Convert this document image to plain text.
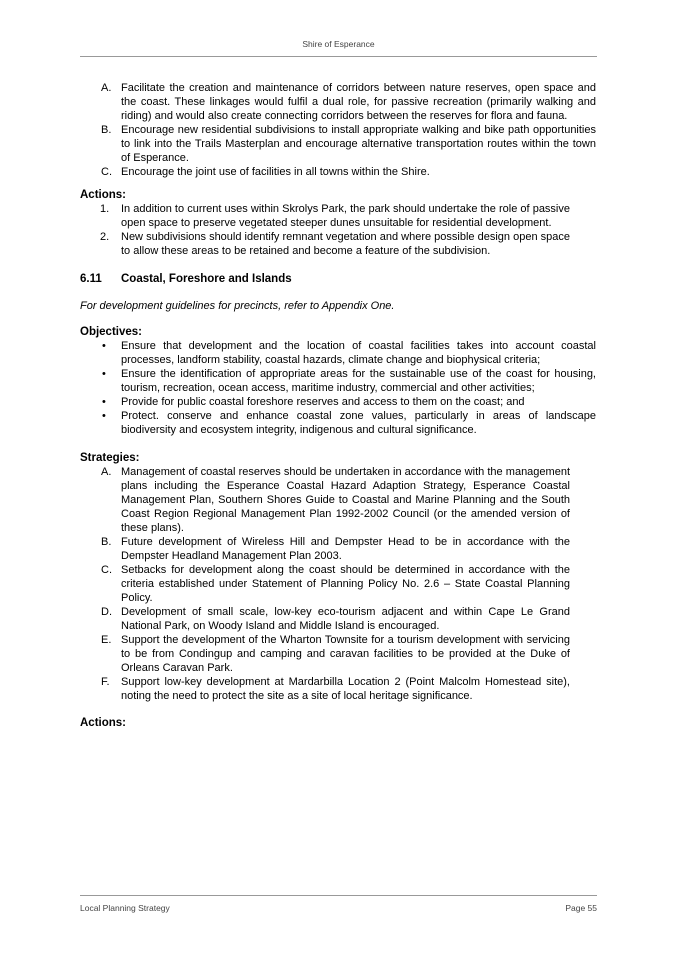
Shire of Esperance
A. Facilitate the creation and maintenance of corridors between nature reserves, open space and the coast. These linkages would fulfil a dual role, for passive recreation (primarily walking and riding) and would also create connecting corridors between the reserves for flora and fauna.
B. Encourage new residential subdivisions to install appropriate walking and bike path opportunities to link into the Trails Masterplan and encourage alternative transportation routes within the town of Esperance.
C. Encourage the joint use of facilities in all towns within the Shire.
Actions:
1. In addition to current uses within Skrolys Park, the park should undertake the role of passive open space to preserve vegetated steeper dunes unsuitable for residential development.
2. New subdivisions should identify remnant vegetation and where possible design open space to allow these areas to be retained and become a feature of the subdivision.
6.11	Coastal, Foreshore and Islands
For development guidelines for precincts, refer to Appendix One.
Objectives:
• Ensure that development and the location of coastal facilities takes into account coastal processes, landform stability, coastal hazards, climate change and biophysical criteria;
• Ensure the identification of appropriate areas for the sustainable use of the coast for housing, tourism, recreation, ocean access, maritime industry, commercial and other activities;
• Provide for public coastal foreshore reserves and access to them on the coast; and
• Protect. conserve and enhance coastal zone values, particularly in areas of landscape biodiversity and ecosystem integrity, indigenous and cultural significance.
Strategies:
A. Management of coastal reserves should be undertaken in accordance with the management plans including the Esperance Coastal Hazard Adaption Strategy, Esperance Coastal Management Plan, Southern Shores Guide to Coastal and Marine Planning and the South Coast Region Regional Management Plan 1992-2002 Council (or the amended version of these plans).
B. Future development of Wireless Hill and Dempster Head to be in accordance with the Dempster Headland Management Plan 2003.
C. Setbacks for development along the coast should be determined in accordance with the criteria established under Statement of Planning Policy No. 2.6 – State Coastal Planning Policy.
D. Development of small scale, low-key eco-tourism adjacent and within Cape Le Grand National Park, on Woody Island and Middle Island is encouraged.
E. Support the development of the Wharton Townsite for a tourism development with servicing to be from Condingup and camping and caravan facilities to be provided at the Duke of Orleans Caravan Park.
F. Support low-key development at Mardarbilla Location 2 (Point Malcolm Homestead site), noting the need to protect the site as a site of local heritage significance.
Actions:
Local Planning Strategy	Page 55
